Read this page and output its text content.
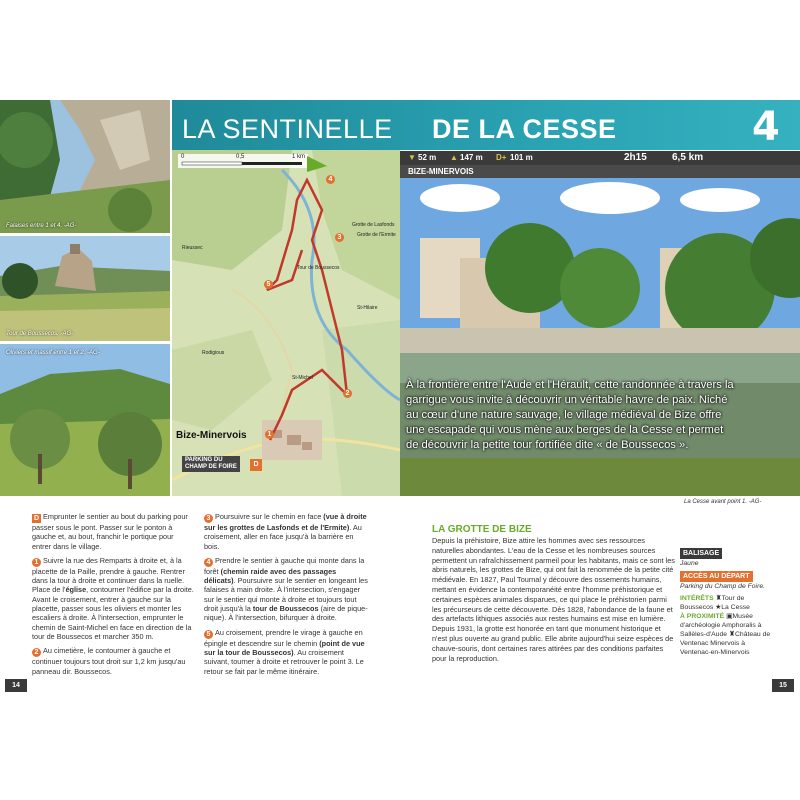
Falaises entre 1 et 4. -AG-
Tour de Boussecos. -AG-
Oliviers et massif entre 1 et 2. -AG-
LA SENTINELLE DE LA CESSE	4
▼ 52 m ▲ 147 m D+ 101 m	2h15	6,5 km
BIZE-MINERVOIS
0	0,5	1 km
Tour de Boussecos
Grotte de Lasfonds
Grotte de l'Ermite
St-Michel
Rieussec
Rodigious
St-Hilaire
Bize-Minervois
PARKING DU
CHAMP DE FOIRE	D
1
2
3
4
5
À la frontière entre l'Aude et l'Hérault, cette randonnée à travers la garrigue vous invite à découvrir un véritable havre de paix. Niché au cœur d'une nature sauvage, le village médiéval de Bize offre une escapade qui vous mène aux berges de la Cesse et permet de découvrir la petite tour fortifiée dite « de Boussecos ».
La Cesse avant point 1. -AG-

D Emprunter le sentier au bout du parking pour passer sous le pont. Passer sur le ponton à gauche et, au bout, franchir le portique pour entrer dans le village.

1 Suivre la rue des Remparts à droite et, à la placette de la Paille, prendre à gauche. Rentrer dans la tour à droite et continuer dans la ruelle. Place de l'église, contourner l'édifice par la droite. Avant le croisement, entrer à gauche sur la placette, passer sous les oliviers et monter les escaliers à droite. À l'intersection, emprunter le chemin de Saint-Michel en face en direction de la tour de Boussecos et marcher 350 m.

2 Au cimetière, le contourner à gauche et continuer toujours tout droit sur 1,2 km jusqu'au panneau dir. Boussecos.

3 Poursuivre sur le chemin en face (vue à droite sur les grottes de Lasfonds et de l'Ermite). Au croisement, aller en face jusqu'à la barrière en bois.

4 Prendre le sentier à gauche qui monte dans la forêt (chemin raide avec des passages délicats). Poursuivre sur le sentier en longeant les falaises à main droite. À l'intersection, s'engager sur le sentier qui monte à droite et toujours tout droit jusqu'à la tour de Boussecos (aire de pique-nique). À l'intersection, bifurquer à droite.

5 Au croisement, prendre le virage à gauche en épingle et descendre sur le chemin (point de vue sur la tour de Boussecos). Au croisement suivant, tourner à droite et retrouver le point 3. Le retour se fait par le même itinéraire.

LA GROTTE DE BIZE
Depuis la préhistoire, Bize attire les hommes avec ses ressources naturelles abondantes. L'eau de la Cesse et les nombreuses sources permettent un rafraîchissement parmeil pour les habitants, mais ce sont les abris naturels, les grottes de Bize, qui ont fait la renommée de la petite cité médiévale. En 1827, Paul Tournal y découvre des ossements humains, mettant en évidence la contemporanéité entre l'homme préhistorique et certaines espèces animales disparues, ce qui place le préhistorien parmi les précurseurs de cette découverte. Dès 1828, l'abondance de la faune et des artefacts lithiques associés aux restes humains est mise en lumière. Depuis 1931, la grotte est honorée en tant que monument historique et n'est plus ouverte au grand public. Elle abrite aujourd'hui seize espèces de chauve-souris, dont certaines rares attirées par des conditions parfaites pour la reproduction.
BALISAGE
Jaune
ACCÈS AU DÉPART
Parking du Champ de Foire.
INTÉRÊTS ♜Tour de Boussecos ★La Cesse
À PROXIMITÉ ▣Musée d'archéologie Amphoralis à Sallèles-d'Aude ♜Château de Ventenac Minervois à Ventenac-en-Minervois
14	15
